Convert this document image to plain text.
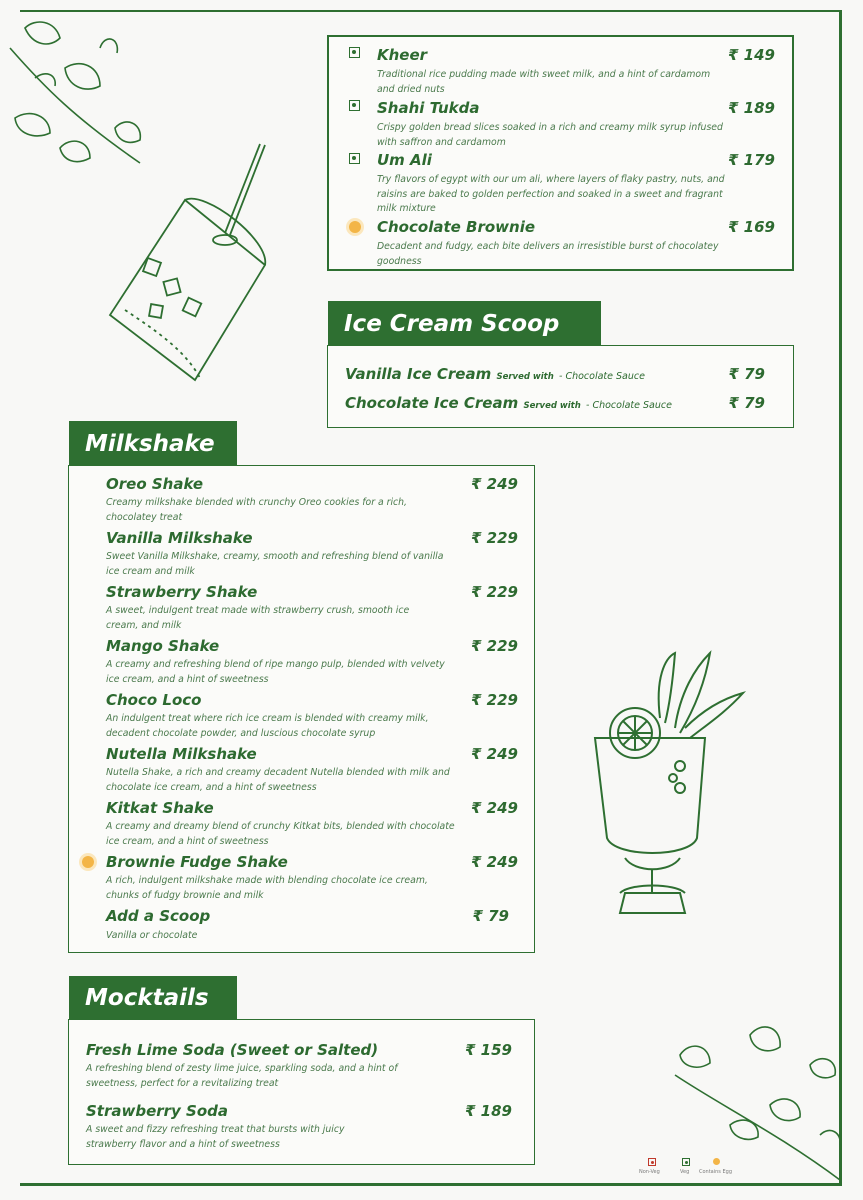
Kheer	₹ 149
Traditional rice pudding made with sweet milk, and a hint of cardamom and dried nuts
Shahi Tukda	₹ 189
Crispy golden bread slices soaked in a rich and creamy milk syrup infused with saffron and cardamom
Um Ali	₹ 179
Try flavors of egypt with our um ali, where layers of flaky pastry, nuts, and raisins are baked to golden perfection and soaked in a sweet and fragrant milk mixture
Chocolate Brownie	₹ 169
Decadent and fudgy, each bite delivers an irresistible burst of chocolatey goodness
Ice Cream Scoop
Vanilla Ice Cream Served with - Chocolate Sauce	₹ 79
Chocolate Ice Cream Served with - Chocolate Sauce	₹ 79
Milkshake
Oreo Shake	₹ 249
Creamy milkshake blended with crunchy Oreo cookies for a rich, chocolatey treat
Vanilla Milkshake	₹ 229
Sweet Vanilla Milkshake, creamy, smooth and refreshing blend of vanilla ice cream and milk
Strawberry Shake	₹ 229
A sweet, indulgent treat made with strawberry crush, smooth ice cream, and milk
Mango Shake	₹ 229
A creamy and refreshing blend of ripe mango pulp, blended with velvety ice cream, and a hint of sweetness
Choco Loco	₹ 229
An indulgent treat where rich ice cream is blended with creamy milk, decadent chocolate powder, and luscious chocolate syrup
Nutella Milkshake	₹ 249
Nutella Shake, a rich and creamy decadent Nutella blended with milk and chocolate ice cream, and a hint of sweetness
Kitkat Shake	₹ 249
A creamy and dreamy blend of crunchy Kitkat bits, blended with chocolate ice cream, and a hint of sweetness
Brownie Fudge Shake	₹ 249
A rich, indulgent milkshake made with blending chocolate ice cream, chunks of fudgy brownie and milk
Add a Scoop	₹ 79
Vanilla or chocolate
Mocktails
Fresh Lime Soda (Sweet or Salted)	₹ 159
A refreshing blend of zesty lime juice, sparkling soda, and a hint of sweetness, perfect for a revitalizing treat
Strawberry Soda	₹ 189
A sweet and fizzy refreshing treat that bursts with juicy strawberry flavor and a hint of sweetness
Non-Veg	Veg Contains Egg
